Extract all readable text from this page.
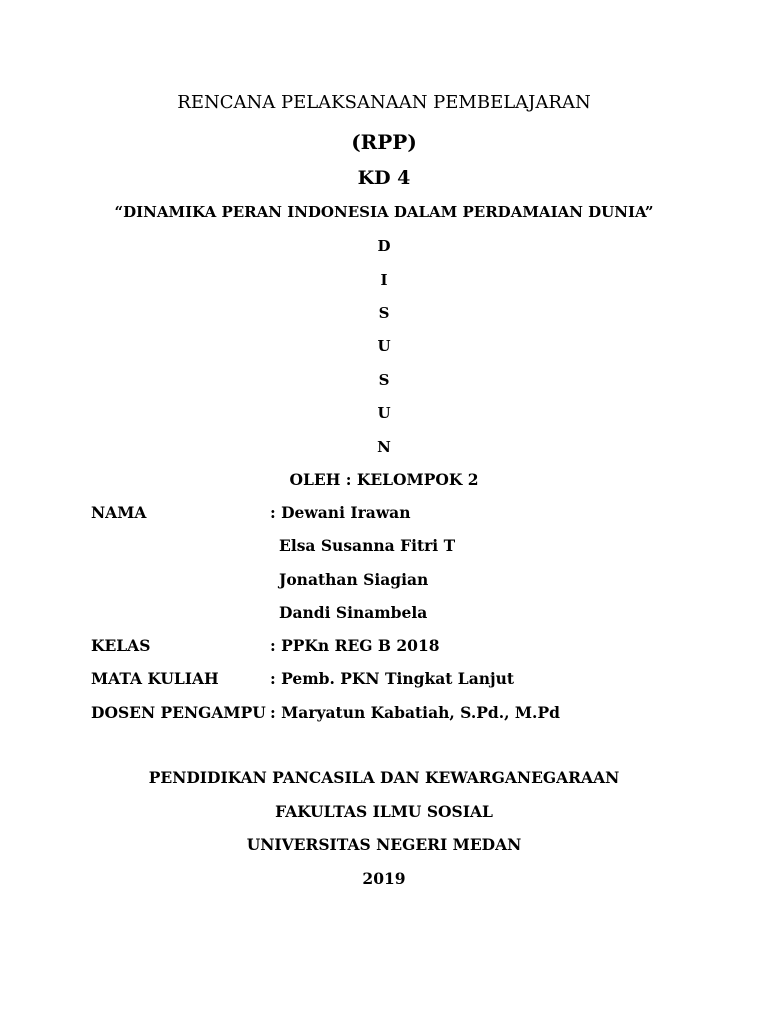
RENCANA PELAKSANAAN PEMBELAJARAN
(RPP)
KD 4
“DINAMIKA PERAN INDONESIA DALAM PERDAMAIAN DUNIA”
D
I
S
U
S
U
N
OLEH : KELOMPOK 2
NAMA	: Dewani Irawan
Elsa Susanna Fitri T
Jonathan Siagian
Dandi Sinambela
KELAS	: PPKn REG B 2018
MATA KULIAH	: Pemb. PKN Tingkat Lanjut
DOSEN PENGAMPU : Maryatun Kabatiah, S.Pd., M.Pd
PENDIDIKAN PANCASILA DAN KEWARGANEGARAAN
FAKULTAS ILMU SOSIAL
UNIVERSITAS NEGERI MEDAN
2019
